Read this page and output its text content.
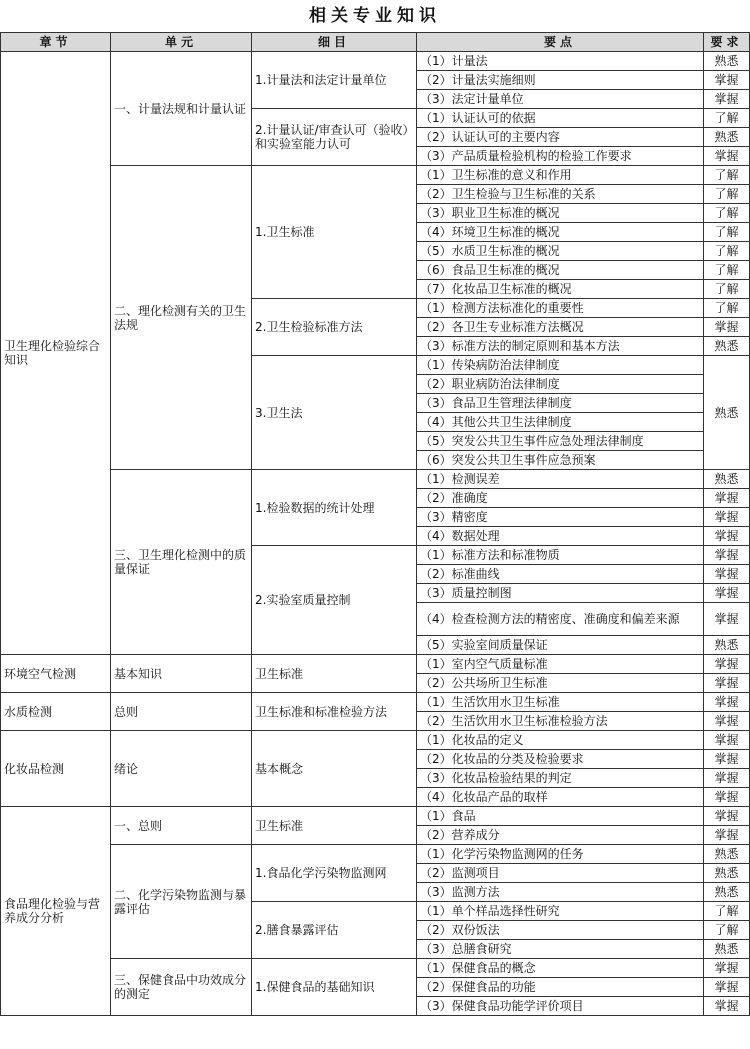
相关专业知识
章节	单元	细目	要点	要求
卫生理化检验综合知识	一、计量法规和计量认证	1.计量法和法定计量单位	（1）计量法	熟悉
			（2）计量法实施细则	掌握
			（3）法定计量单位	掌握
		2.计量认证/审查认可（验收）和实验室能力认可	（1）认证认可的依据	了解
			（2）认证认可的主要内容	熟悉
			（3）产品质量检验机构的检验工作要求	掌握
	二、理化检测有关的卫生法规	1.卫生标准	（1）卫生标准的意义和作用	了解
			（2）卫生检验与卫生标准的关系	了解
			（3）职业卫生标准的概况	了解
			（4）环境卫生标准的概况	了解
			（5）水质卫生标准的概况	了解
			（6）食品卫生标准的概况	了解
			（7）化妆品卫生标准的概况	了解
		2.卫生检验标准方法	（1）检测方法标准化的重要性	了解
			（2）各卫生专业标准方法概况	掌握
			（3）标准方法的制定原则和基本方法	熟悉
		3.卫生法	（1）传染病防治法律制度	熟悉
			（2）职业病防治法律制度	
			（3）食品卫生管理法律制度	
			（4）其他公共卫生法律制度	
			（5）突发公共卫生事件应急处理法律制度	
			（6）突发公共卫生事件应急预案	
	三、卫生理化检测中的质量保证	1.检验数据的统计处理	（1）检测误差	熟悉
			（2）准确度	掌握
			（3）精密度	掌握
			（4）数据处理	掌握
		2.实验室质量控制	（1）标准方法和标准物质	掌握
			（2）标准曲线	掌握
			（3）质量控制图	掌握
			（4）检查检测方法的精密度、准确度和偏差来源	掌握
			（5）实验室间质量保证	熟悉
环境空气检测	基本知识	卫生标准	（1）室内空气质量标准	掌握
			（2）公共场所卫生标准	掌握
水质检测	总则	卫生标准和标准检验方法	（1）生活饮用水卫生标准	掌握
			（2）生活饮用水卫生标准检验方法	掌握
化妆品检测	绪论	基本概念	（1）化妆品的定义	掌握
			（2）化妆品的分类及检验要求	掌握
			（3）化妆品检验结果的判定	掌握
			（4）化妆品产品的取样	掌握
食品理化检验与营养成分分析	一、总则	卫生标准	（1）食品	掌握
			（2）营养成分	掌握
	二、化学污染物监测与暴露评估	1.食品化学污染物监测网	（1）化学污染物监测网的任务	熟悉
			（2）监测项目	熟悉
			（3）监测方法	熟悉
		2.膳食暴露评估	（1）单个样品选择性研究	了解
			（2）双份饭法	了解
			（3）总膳食研究	熟悉
	三、保健食品中功效成分的测定	1.保健食品的基础知识	（1）保健食品的概念	掌握
			（2）保健食品的功能	掌握
			（3）保健食品功能学评价项目	掌握
